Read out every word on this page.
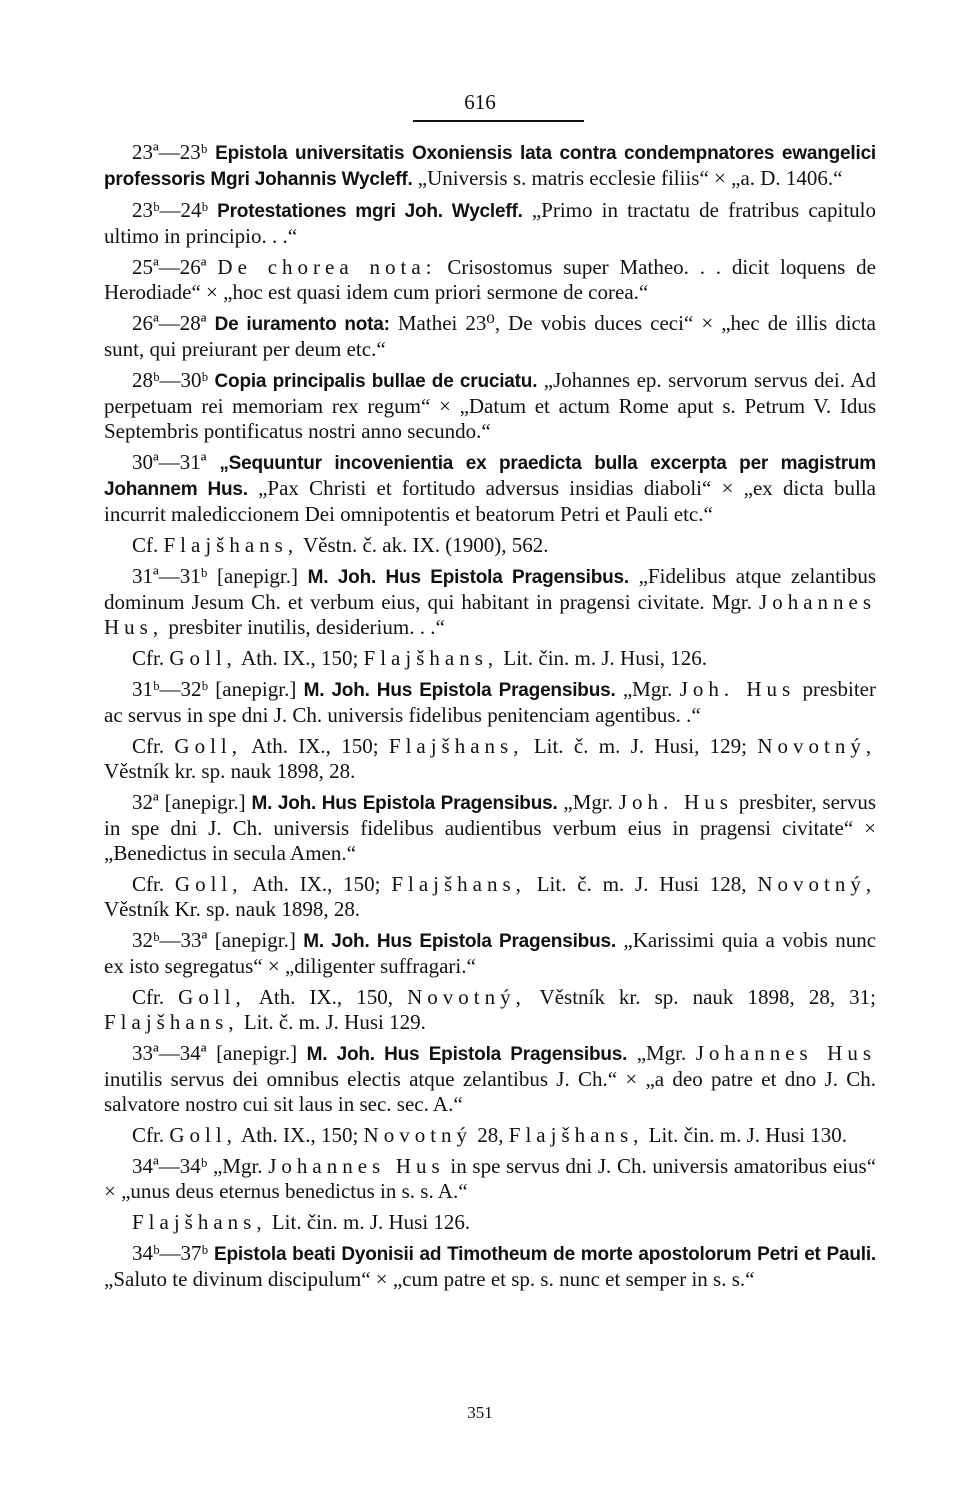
616

23ª—23ᵇ Epistola universitatis Oxoniensis lata contra condempnatores ewangelici professoris Mgri Johannis Wycleff. „Universis s. matris ecclesie filiis“ × „a. D. 1406.“

23ᵇ—24ᵇ Protestationes mgri Joh. Wycleff. „Primo in tractatu de fratribus capitulo ultimo in principio. . .“

25ª—26ª De chorea nota: Crisostomus super Matheo. . . dicit loquens de Herodiade“ × „hoc est quasi idem cum priori sermone de corea.“

26ª—28ª De iuramento nota: Mathei 23⁰, De vobis duces ceci“ × „hec de illis dicta sunt, qui preiurant per deum etc.“

28ᵇ—30ᵇ Copia principalis bullae de cruciatu. „Johannes ep. servorum servus dei. Ad perpetuam rei memoriam rex regum“ × „Datum et actum Rome aput s. Petrum V. Idus Septembris pontificatus nostri anno secundo.“

30ª—31ª „Sequuntur incovenientia ex praedicta bulla excerpta per magistrum Johannem Hus. „Pax Christi et fortitudo adversus insidias diaboli“ × „ex dicta bulla incurrit malediccionem Dei omnipotentis et beatorum Petri et Pauli etc.“

Cf. Flajšhans, Věstn. č. ak. IX. (1900), 562.

31ª—31ᵇ [anepigr.] M. Joh. Hus Epistola Pragensibus. „Fidelibus atque zelantibus dominum Jesum Ch. et verbum eius, qui habitant in pragensi civitate. Mgr. Johannes Hus, presbiter inutilis, desiderium. . .“

Cfr. Goll, Ath. IX., 150; Flajšhans, Lit. čin. m. J. Husi, 126.

31ᵇ—32ᵇ [anepigr.] M. Joh. Hus Epistola Pragensibus. „Mgr. Joh. Hus presbiter ac servus in spe dni J. Ch. universis fidelibus penitenciam agentibus. .“

Cfr. Goll, Ath. IX., 150; Flajšhans, Lit. č. m. J. Husi, 129; Novotný, Věstník kr. sp. nauk 1898, 28.

32ª [anepigr.] M. Joh. Hus Epistola Pragensibus. „Mgr. Joh. Hus presbiter, servus in spe dni J. Ch. universis fidelibus audientibus verbum eius in pragensi civitate“ × „Benedictus in secula Amen.“

Cfr. Goll, Ath. IX., 150; Flajšhans, Lit. č. m. J. Husi 128, Novotný, Věstník Kr. sp. nauk 1898, 28.

32ᵇ—33ª [anepigr.] M. Joh. Hus Epistola Pragensibus. „Karissimi quia a vobis nunc ex isto segregatus“ × „diligenter suffragari.“

Cfr. Goll, Ath. IX., 150, Novotný, Věstník kr. sp. nauk 1898, 28, 31; Flajšhans, Lit. č. m. J. Husi 129.

33ª—34ª [anepigr.] M. Joh. Hus Epistola Pragensibus. „Mgr. Johannes Hus inutilis servus dei omnibus electis atque zelantibus J. Ch.“ × „a deo patre et dno J. Ch. salvatore nostro cui sit laus in sec. sec. A.“

Cfr. Goll, Ath. IX., 150; Novotný 28, Flajšhans, Lit. čin. m. J. Husi 130.

34ª—34ᵇ „Mgr. Johannes Hus in spe servus dni J. Ch. universis amatoribus eius“ × „unus deus eternus benedictus in s. s. A.“

Flajšhans, Lit. čin. m. J. Husi 126.

34ᵇ—37ᵇ Epistola beati Dyonisii ad Timotheum de morte apostolorum Petri et Pauli. „Saluto te divinum discipulum“ × „cum patre et sp. s. nunc et semper in s. s.“

351
